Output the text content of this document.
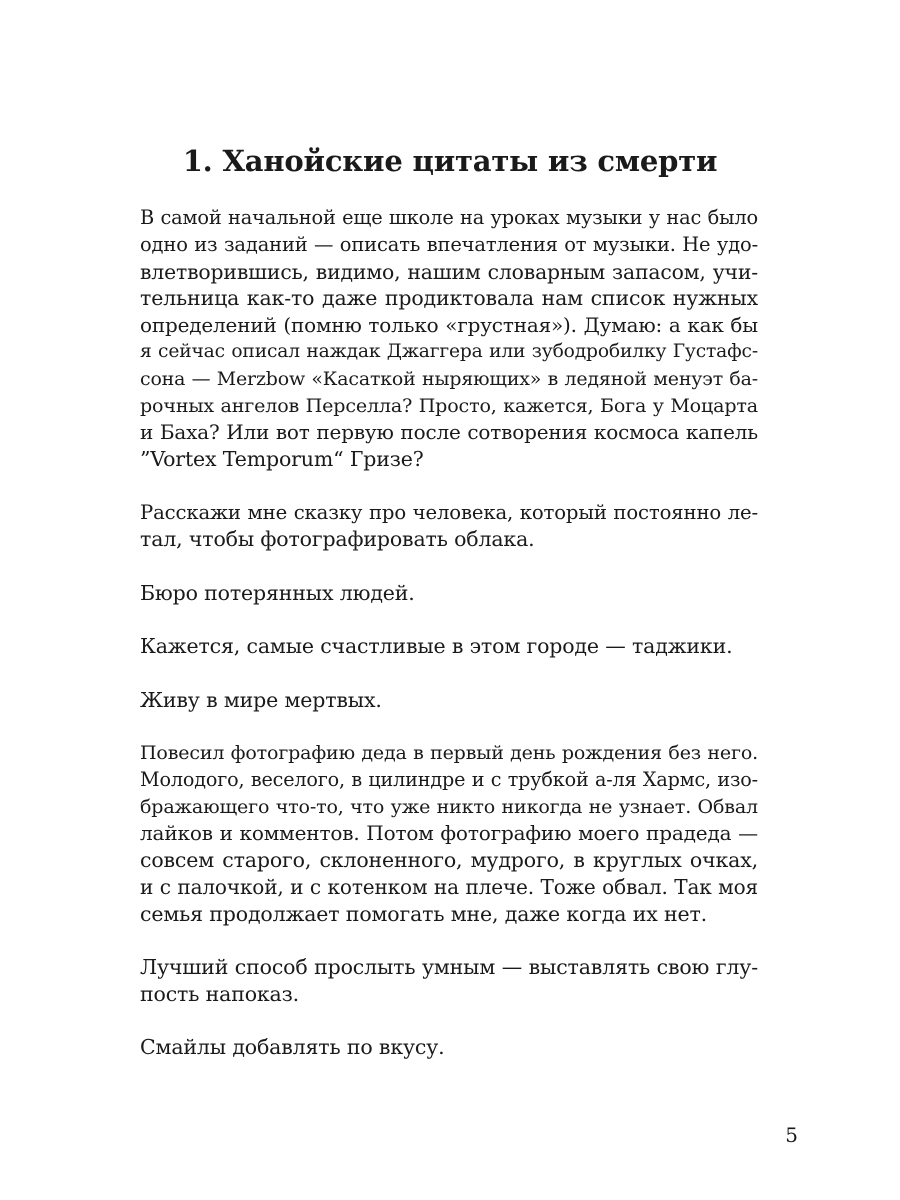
1. Ханойские цитаты из смерти
В самой начальной еще школе на уроках музыки у нас было
одно из заданий — описать впечатления от музыки. Не удо-
влетворившись, видимо, нашим словарным запасом, учи-
тельница как-то даже продиктовала нам список нужных
определений (помню только «грустная»). Думаю: а как бы
я сейчас описал наждак Джаггера или зубодробилку Густафс-
сона — Merzbow «Касаткой ныряющих» в ледяной менуэт ба-
рочных ангелов Перселла? Просто, кажется, Бога у Моцарта
и Баха? Или вот первую после сотворения космоса капель
”Vortex Temporum“ Гризе?
Расскажи мне сказку про человека, который постоянно ле-
тал, чтобы фотографировать облака.
Бюро потерянных людей.
Кажется, самые счастливые в этом городе — таджики.
Живу в мире мертвых.
Повесил фотографию деда в первый день рождения без него.
Молодого, веселого, в цилиндре и с трубкой а-ля Хармс, изо-
бражающего что-то, что уже никто никогда не узнает. Обвал
лайков и комментов. Потом фотографию моего прадеда —
совсем старого, склоненного, мудрого, в круглых очках,
и с палочкой, и с котенком на плече. Тоже обвал. Так моя
семья продолжает помогать мне, даже когда их нет.
Лучший способ прослыть умным — выставлять свою глу-
пость напоказ.
Смайлы добавлять по вкусу.
5
